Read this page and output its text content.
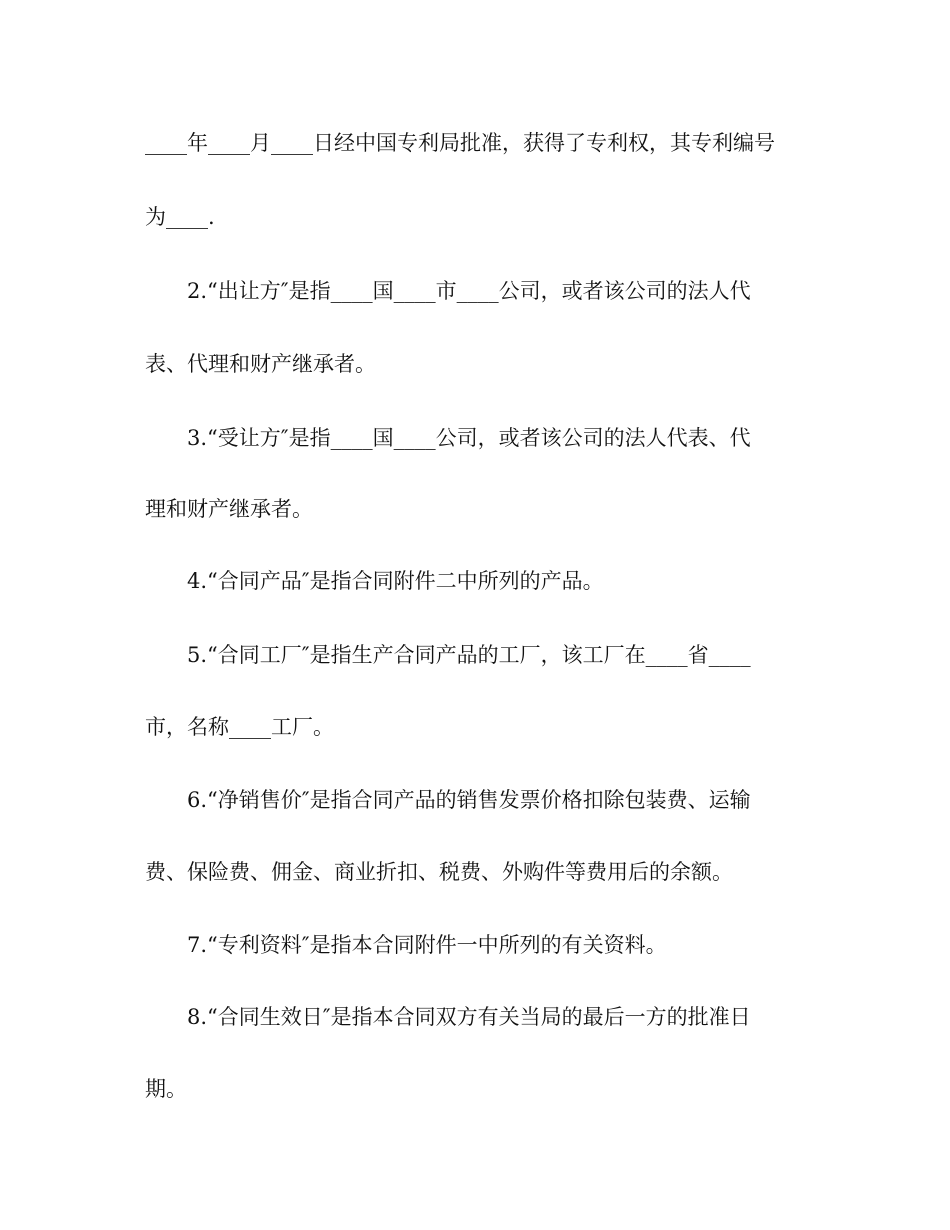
____年____月____日经中国专利局批准，获得了专利权，其专利编号
为____.
2.“出让方″是指____国____市____公司，或者该公司的法人代
表、代理和财产继承者。
3.“受让方″是指____国____公司，或者该公司的法人代表、代
理和财产继承者。
4.“合同产品″是指合同附件二中所列的产品。
5.“合同工厂″是指生产合同产品的工厂，该工厂在____省____
市，名称____工厂。
6.“净销售价″是指合同产品的销售发票价格扣除包装费、运输
费、保险费、佣金、商业折扣、税费、外购件等费用后的余额。
7.“专利资料″是指本合同附件一中所列的有关资料。
8.“合同生效日″是指本合同双方有关当局的最后一方的批准日
期。
